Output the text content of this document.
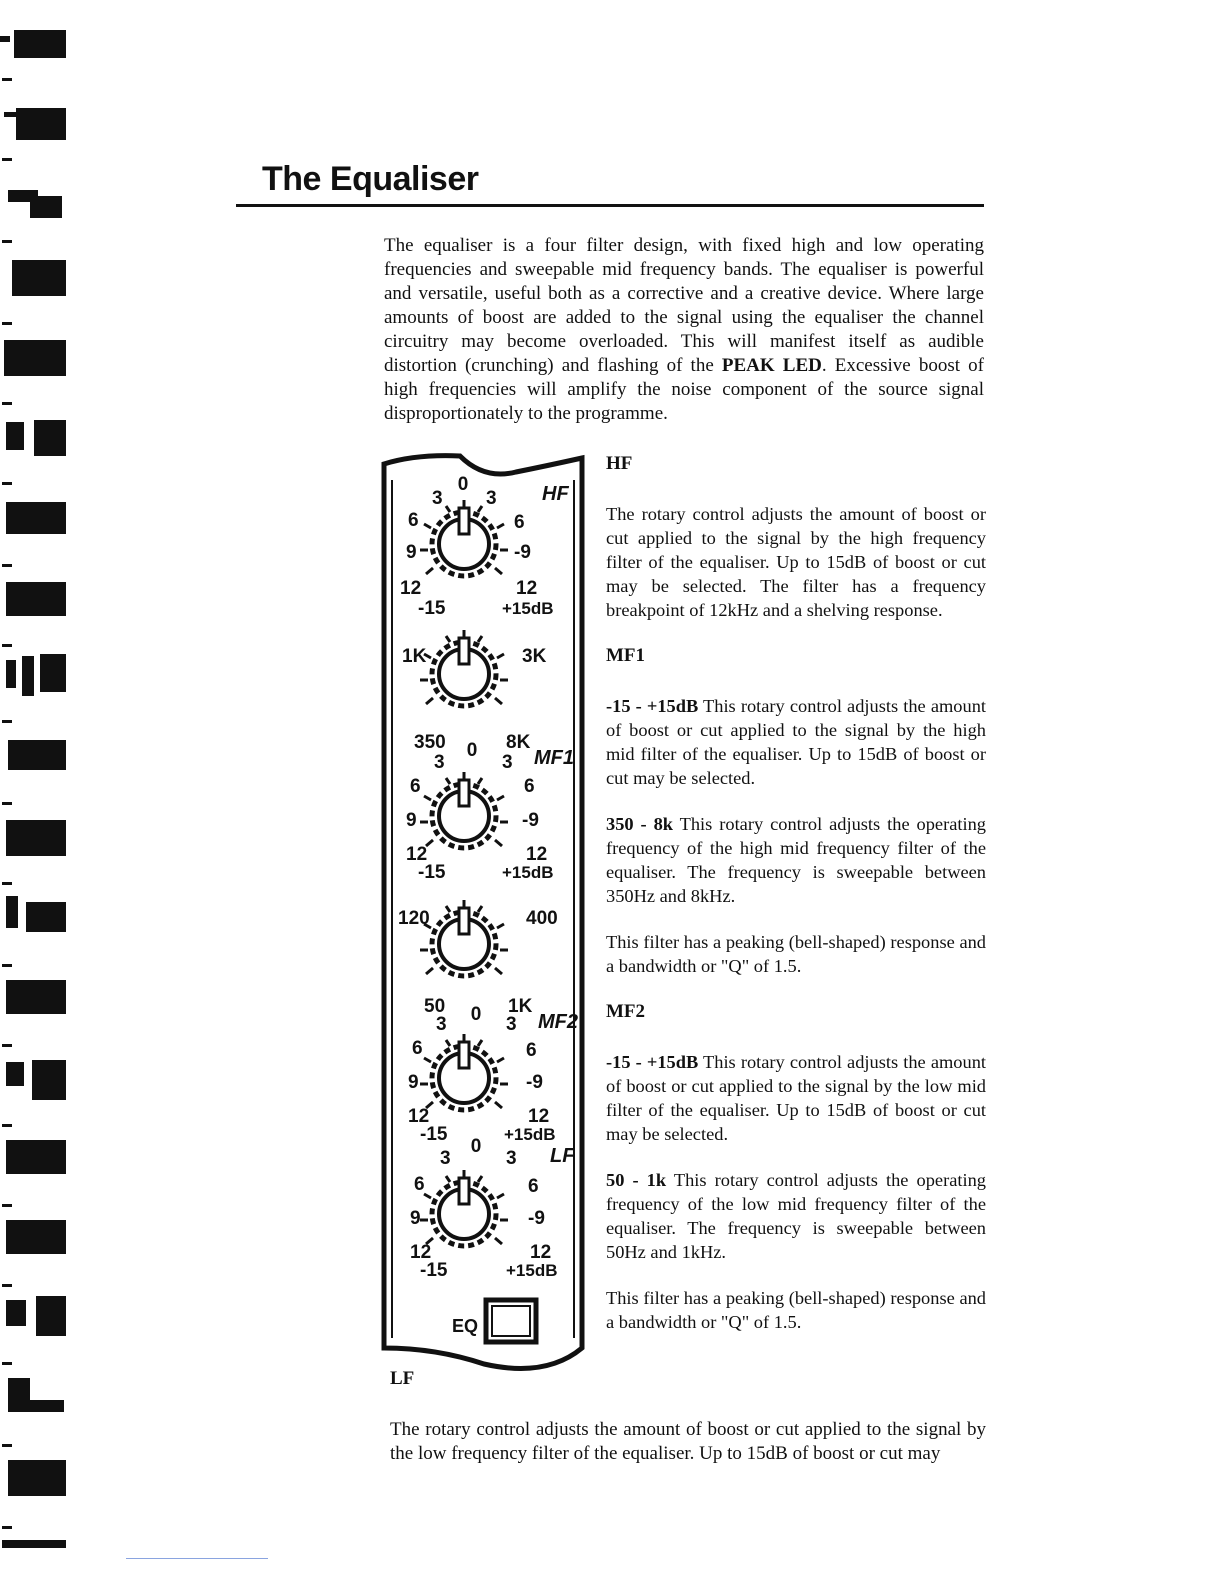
The Equaliser

The equaliser is a four filter design, with fixed high and low operating frequencies and sweepable mid frequency bands. The equaliser is powerful and versatile, useful both as a corrective and a creative device. Where large amounts of boost are added to the signal using the equaliser the channel circuitry may become overloaded. This will manifest itself as audible distortion (crunching) and flashing of the PEAK LED. Excessive boost of high frequencies will amplify the noise component of the source signal disproportionately to the programme.

0
3 3
6	6
9	-9
12	12
-15	+15dB
HF
1K	3K
350	8K
0
3	3
6	6
9	-9
12	12
-15	+15dB
MF1
120	400
50	1K
0
3	3
6	6
9	-9
12	12
-15	+15dB
MF2
0
3	3
6	6
9	-9
12	12
-15	+15dB
LF
EQ
HF

The rotary control adjusts the amount of boost or cut applied to the signal by the high frequency filter of the equaliser. Up to 15dB of boost or cut may be selected. The filter has a frequency breakpoint of 12kHz and a shelving response.

MF1

-15 - +15dB This rotary control adjusts the amount of boost or cut applied to the signal by the high mid filter of the equaliser. Up to 15dB of boost or cut may be selected.

350 - 8k This rotary control adjusts the operating frequency of the high mid frequency filter of the equaliser. The frequency is sweepable between 350Hz and 8kHz.

This filter has a peaking (bell-shaped) response and a bandwidth or "Q" of 1.5.

MF2

-15 - +15dB This rotary control adjusts the amount of boost or cut applied to the signal by the low mid filter of the equaliser. Up to 15dB of boost or cut may be selected.

50 - 1k This rotary control adjusts the operating frequency of the low mid frequency filter of the equaliser. The frequency is sweepable between 50Hz and 1kHz.

This filter has a peaking (bell-shaped) response and a bandwidth or "Q" of 1.5.

LF

The rotary control adjusts the amount of boost or cut applied to the signal by the low frequency filter of the equaliser. Up to 15dB of boost or cut may
